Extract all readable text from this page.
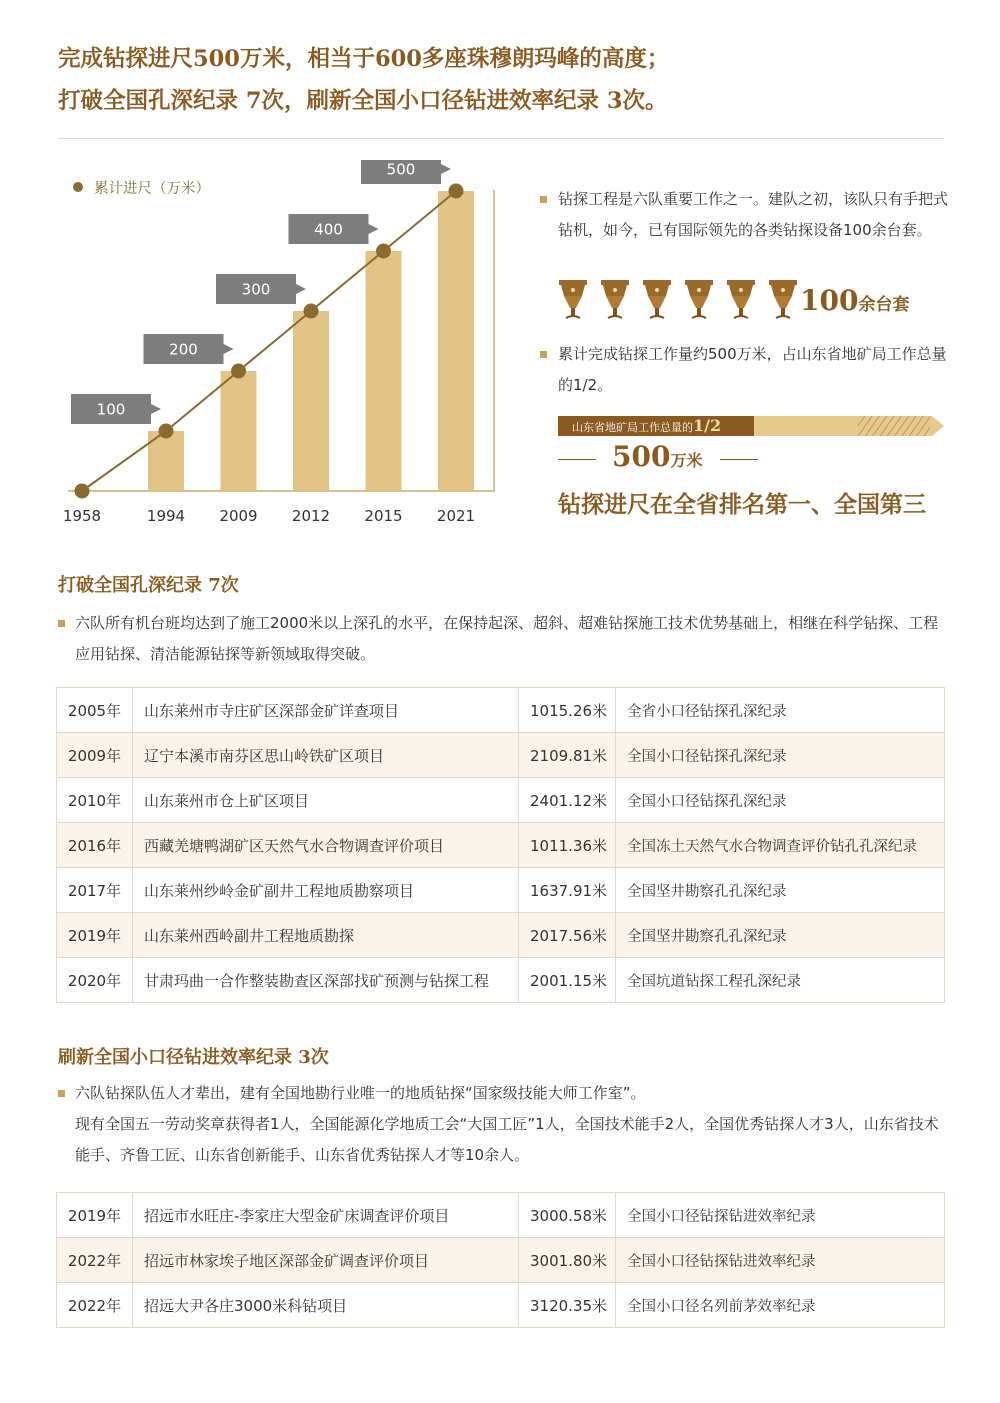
完成钻探进尺500万米，相当于600多座珠穆朗玛峰的高度；
打破全国孔深纪录 7次，刷新全国小口径钻进效率纪录 3次。
累计进尺（万米）
100
200
300
400
500
1958	1994 2009 2012 2015 2021
钻探工程是六队重要工作之一。建队之初，该队只有手把式钻机，如今，已有国际领先的各类钻探设备100余台套。
100余台套
累计完成钻探工作量约500万米，占山东省地矿局工作总量的1/2。
山东省地矿局工作总量的1/2
500万米
钻探进尺在全省排名第一、全国第三
打破全国孔深纪录 7次
六队所有机台班均达到了施工2000米以上深孔的水平，在保持起深、超斜、超难钻探施工技术优势基础上，相继在科学钻探、工程应用钻探、清洁能源钻探等新领域取得突破。
2005年	山东莱州市寺庄矿区深部金矿详查项目	1015.26米	全省小口径钻探孔深纪录
2009年	辽宁本溪市南芬区思山岭铁矿区项目	2109.81米	全国小口径钻探孔深纪录
2010年	山东莱州市仓上矿区项目	2401.12米	全国小口径钻探孔深纪录
2016年	西藏羌塘鸭湖矿区天然气水合物调查评价项目	1011.36米	全国冻土天然气水合物调查评价钻孔孔深纪录
2017年	山东莱州纱岭金矿副井工程地质勘察项目	1637.91米	全国坚井勘察孔孔深纪录
2019年	山东莱州西岭副井工程地质勘探	2017.56米	全国坚井勘察孔孔深纪录
2020年	甘肃玛曲一合作整装勘查区深部找矿预测与钻探工程	2001.15米	全国坑道钻探工程孔深纪录
刷新全国小口径钻进效率纪录 3次
六队钻探队伍人才辈出，建有全国地勘行业唯一的地质钻探“国家级技能大师工作室”。
现有全国五一劳动奖章获得者1人，全国能源化学地质工会“大国工匠”1人，全国技术能手2人，全国优秀钻探人才3人，山东省技术能手、齐鲁工匠、山东省创新能手、山东省优秀钻探人才等10余人。
2019年	招远市水旺庄-李家庄大型金矿床调查评价项目	3000.58米	全国小口径钻探钻进效率纪录
2022年	招远市林家埃子地区深部金矿调查评价项目	3001.80米	全国小口径钻探钻进效率纪录
2022年	招远大尹各庄3000米科钻项目	3120.35米	全国小口径名列前茅效率纪录
